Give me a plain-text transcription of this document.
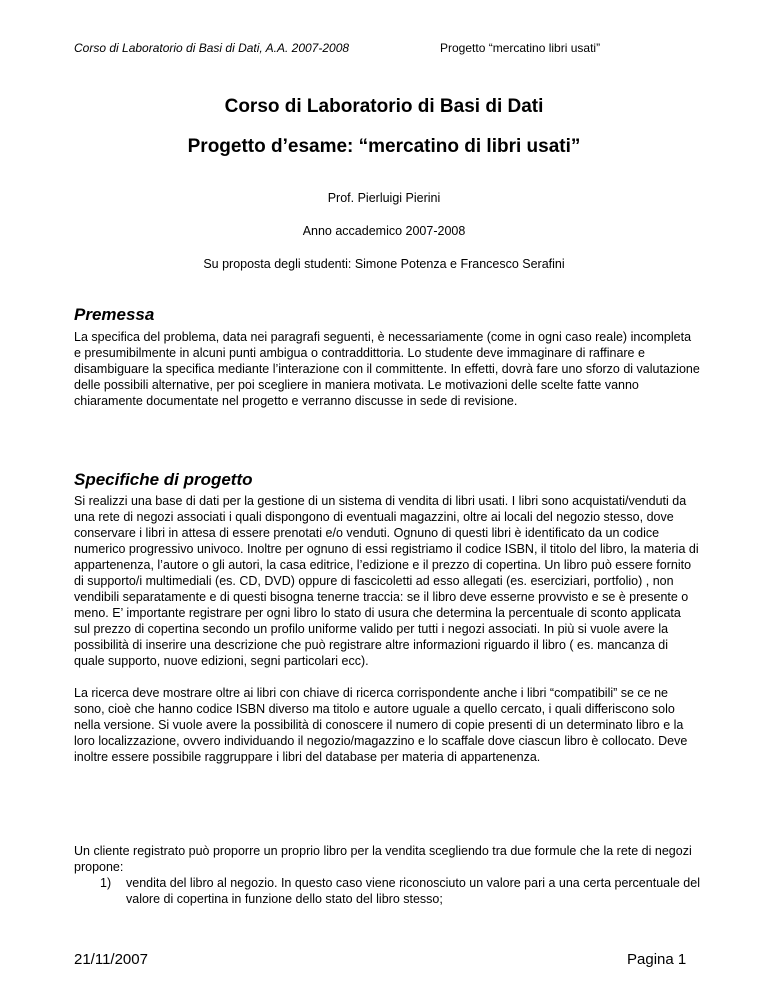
Corso di Laboratorio di Basi di Dati, A.A. 2007-2008	Progetto “mercatino libri usati”
Corso di Laboratorio di Basi di Dati
Progetto d’esame: “mercatino di libri usati”
Prof. Pierluigi Pierini
Anno accademico 2007-2008
Su proposta degli studenti: Simone Potenza e Francesco Serafini
Premessa

La specifica del problema, data nei paragrafi seguenti, è necessariamente (come in ogni caso reale) incompleta e presumibilmente in alcuni punti ambigua o contraddittoria. Lo studente deve immaginare di raffinare e disambiguare la specifica mediante l’interazione con il committente. In effetti, dovrà fare uno sforzo di valutazione delle possibili alternative, per poi scegliere in maniera motivata. Le motivazioni delle scelte fatte vanno chiaramente documentate nel progetto e verranno discusse in sede di revisione.

Specifiche di progetto

Si realizzi una base di dati per la gestione di un sistema di vendita di libri usati. I libri sono acquistati/venduti da una rete di negozi associati i quali dispongono di eventuali magazzini, oltre ai locali del negozio stesso, dove conservare i libri in attesa di essere prenotati e/o venduti. Ognuno di questi libri è identificato da un codice numerico progressivo univoco. Inoltre per ognuno di essi registriamo il codice ISBN, il titolo del libro, la materia di appartenenza, l’autore o gli autori, la casa editrice, l’edizione e il prezzo di copertina. Un libro può essere fornito di supporto/i multimediali (es. CD, DVD) oppure di fascicoletti ad esso allegati (es. eserciziari, portfolio) , non vendibili separatamente e di questi bisogna tenerne traccia: se il libro deve esserne provvisto e se è presente o meno. E’ importante registrare per ogni libro lo stato di usura che determina la percentuale di sconto applicata sul prezzo di copertina secondo un profilo uniforme valido per tutti i negozi associati. In più si vuole avere la possibilità di inserire una descrizione che può registrare altre informazioni riguardo il libro ( es. mancanza di quale supporto, nuove edizioni, segni particolari ecc).

La ricerca deve mostrare oltre ai libri con chiave di ricerca corrispondente anche i libri “compatibili” se ce ne sono, cioè che hanno codice ISBN diverso ma titolo e autore uguale a quello cercato, i quali differiscono solo nella versione. Si vuole avere la possibilità di conoscere il numero di copie presenti di un determinato libro e la loro localizzazione, ovvero individuando il negozio/magazzino e lo scaffale dove ciascun libro è collocato. Deve inoltre essere possibile raggruppare i libri del database per materia di appartenenza.

Un cliente registrato può proporre un proprio libro per la vendita scegliendo tra due formule che la rete di negozi propone:

1) vendita del libro al negozio. In questo caso viene riconosciuto un valore pari a una certa percentuale del valore di copertina in funzione dello stato del libro stesso;
21/11/2007	Pagina 1
